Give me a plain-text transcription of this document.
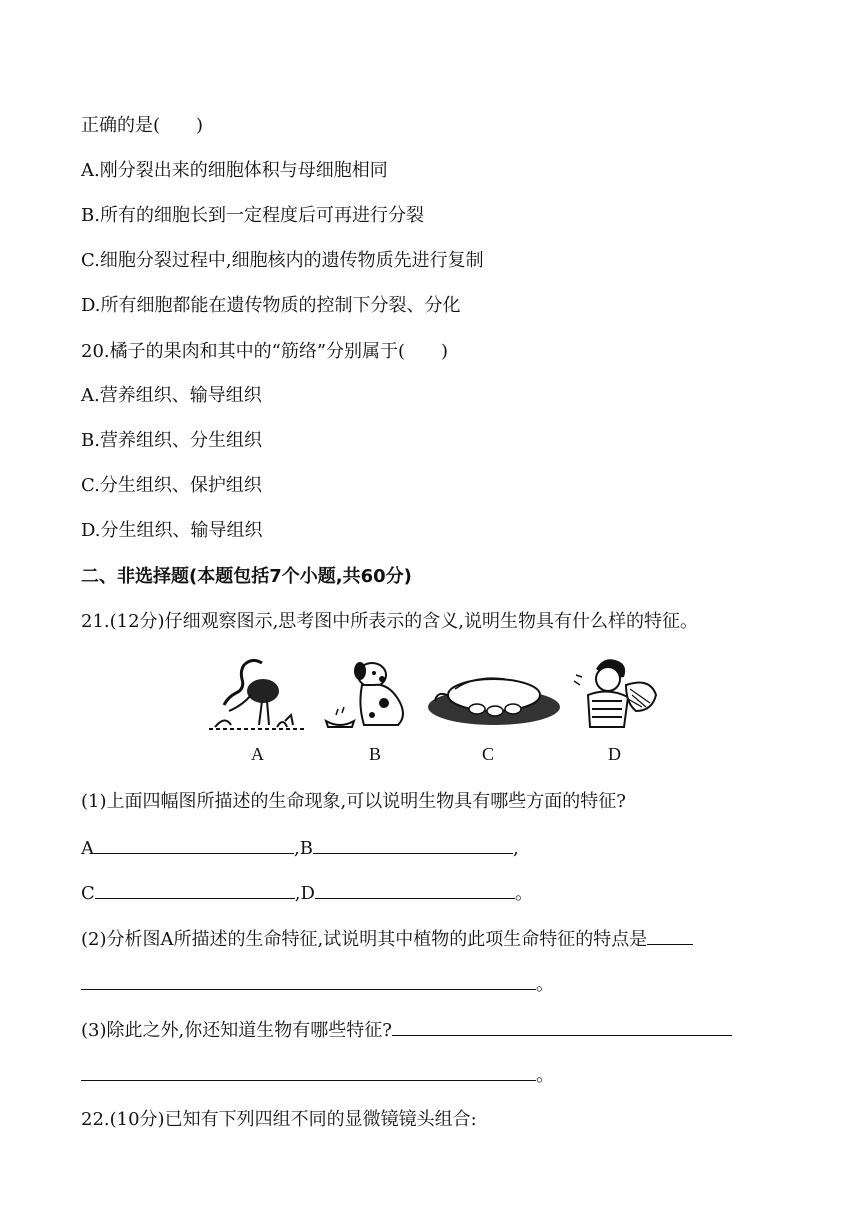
正确的是(　　)
A.刚分裂出来的细胞体积与母细胞相同
B.所有的细胞长到一定程度后可再进行分裂
C.细胞分裂过程中,细胞核内的遗传物质先进行复制
D.所有细胞都能在遗传物质的控制下分裂、分化
20.橘子的果肉和其中的“筋络”分别属于(　　)
A.营养组织、输导组织
B.营养组织、分生组织
C.分生组织、保护组织
D.分生组织、输导组织
二、非选择题(本题包括7个小题,共60分)
21.(12分)仔细观察图示,思考图中所表示的含义,说明生物具有什么样的特征。
A	B	C	D
(1)上面四幅图所描述的生命现象,可以说明生物具有哪些方面的特征?
A	,B	,
C	,D	。
(2)分析图A所描述的生命特征,试说明其中植物的此项生命特征的特点是
。
(3)除此之外,你还知道生物有哪些特征?
。
22.(10分)已知有下列四组不同的显微镜镜头组合:
